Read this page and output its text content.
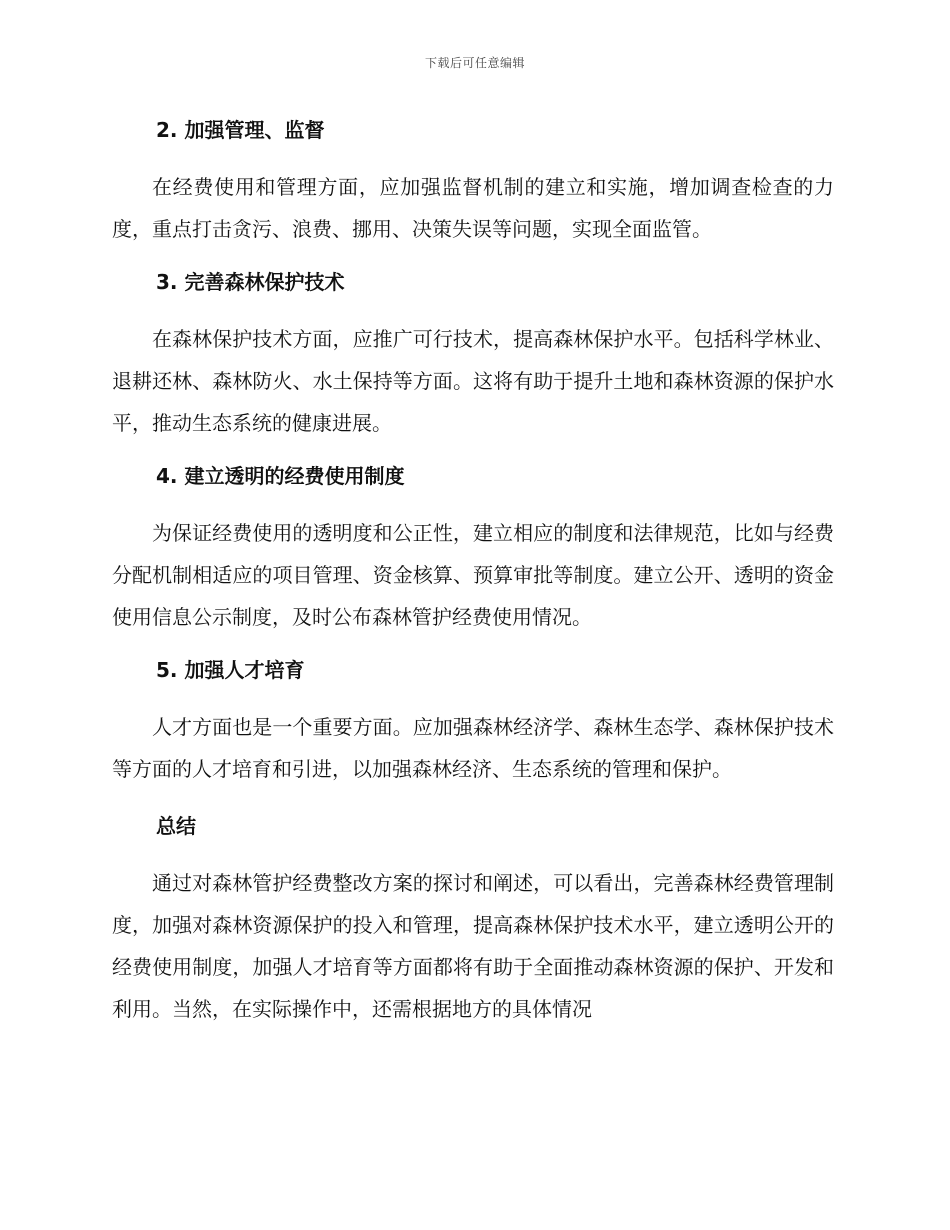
下载后可任意编辑
2. 加强管理、监督

在经费使用和管理方面，应加强监督机制的建立和实施，增加调查检查的力度，重点打击贪污、浪费、挪用、决策失误等问题，实现全面监管。

3. 完善森林保护技术

在森林保护技术方面，应推广可行技术，提高森林保护水平。包括科学林业、退耕还林、森林防火、水土保持等方面。这将有助于提升土地和森林资源的保护水平，推动生态系统的健康进展。

4. 建立透明的经费使用制度

为保证经费使用的透明度和公正性，建立相应的制度和法律规范，比如与经费分配机制相适应的项目管理、资金核算、预算审批等制度。建立公开、透明的资金使用信息公示制度，及时公布森林管护经费使用情况。

5. 加强人才培育

人才方面也是一个重要方面。应加强森林经济学、森林生态学、森林保护技术等方面的人才培育和引进，以加强森林经济、生态系统的管理和保护。

总结

通过对森林管护经费整改方案的探讨和阐述，可以看出，完善森林经费管理制度，加强对森林资源保护的投入和管理，提高森林保护技术水平，建立透明公开的经费使用制度，加强人才培育等方面都将有助于全面推动森林资源的保护、开发和利用。当然，在实际操作中，还需根据地方的具体情况
